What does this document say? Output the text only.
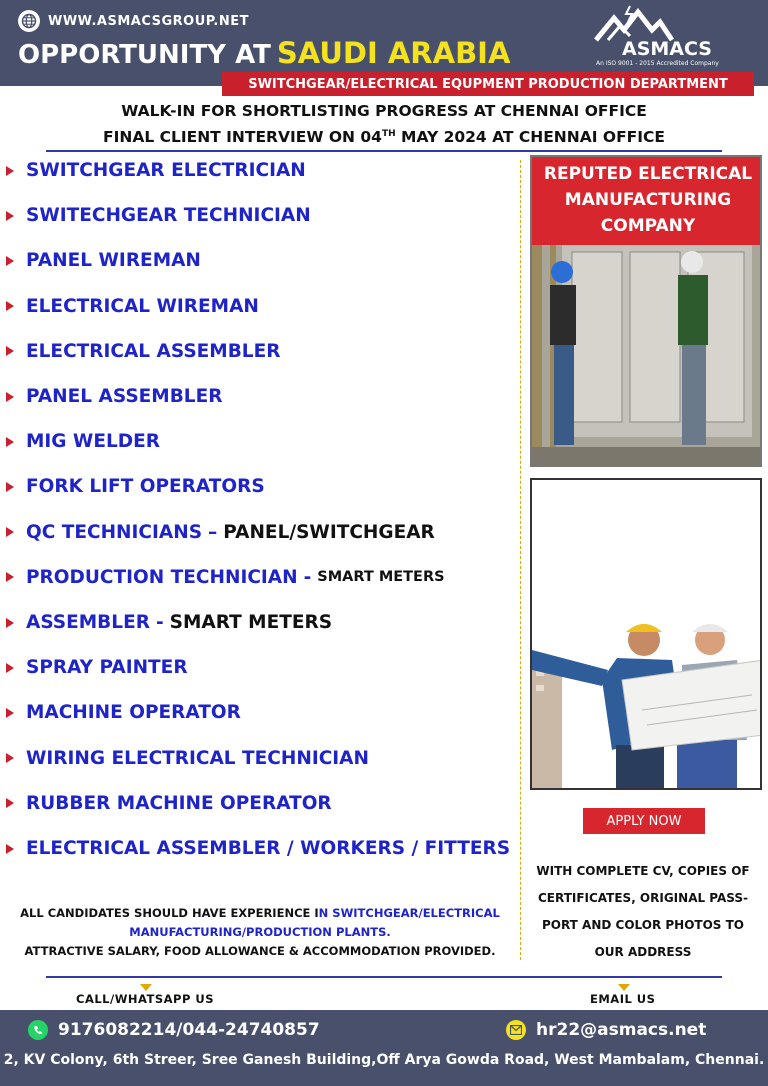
WWW.ASMACSGROUP.NET
OPPORTUNITY AT SAUDI ARABIA	ASMACS
An ISO 9001 - 2015 Accredited Company
SWITCHGEAR/ELECTRICAL EQUPMENT PRODUCTION DEPARTMENT
WALK-IN FOR SHORTLISTING PROGRESS AT CHENNAI OFFICE
FINAL CLIENT INTERVIEW ON 04TH MAY 2024 AT CHENNAI OFFICE
SWITCHGEAR ELECTRICIAN
SWITECHGEAR TECHNICIAN
PANEL WIREMAN
ELECTRICAL WIREMAN
ELECTRICAL ASSEMBLER
PANEL ASSEMBLER
MIG WELDER
FORK LIFT OPERATORS
QC TECHNICIANS – PANEL/SWITCHGEAR
PRODUCTION TECHNICIAN - SMART METERS
ASSEMBLER - SMART METERS
SPRAY PAINTER
MACHINE OPERATOR
WIRING ELECTRICAL TECHNICIAN
RUBBER MACHINE OPERATOR
ELECTRICAL ASSEMBLER / WORKERS / FITTERS
REPUTED ELECTRICAL
MANUFACTURING
COMPANY
APPLY NOW
WITH COMPLETE CV, COPIES OF
CERTIFICATES, ORIGINAL PASS-
PORT AND COLOR PHOTOS TO
OUR ADDRESS
ALL CANDIDATES SHOULD HAVE EXPERIENCE IN SWITCHGEAR/ELECTRICAL
MANUFACTURING/PRODUCTION PLANTS.
ATTRACTIVE SALARY, FOOD ALLOWANCE & ACCOMMODATION PROVIDED.
CALL/WHATSAPP US	EMAIL US
9176082214/044-24740857	hr22@asmacs.net
2, KV Colony, 6th Streer, Sree Ganesh Building,Off Arya Gowda Road, West Mambalam, Chennai.
